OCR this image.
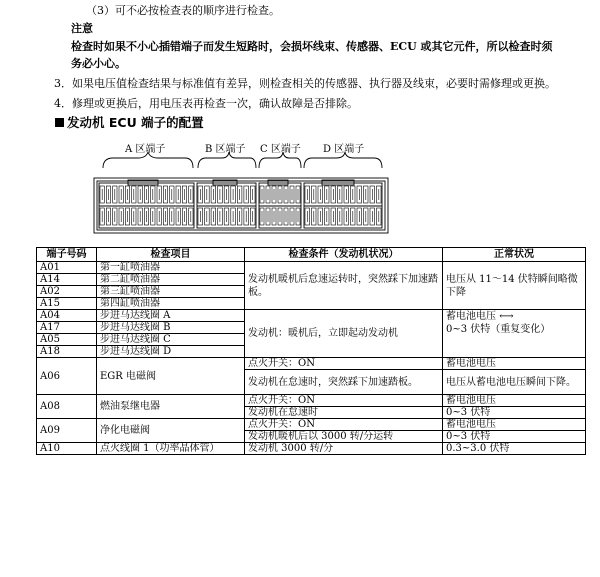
（3）可不必按检查表的顺序进行检查。
注意
检查时如果不小心插错端子而发生短路时，会损坏线束、传感器、ECU 或其它元件，所以检查时须
务必小心。
3．如果电压值检查结果与标准值有差异，则检查相关的传感器、执行器及线束，必要时需修理或更换。
4．修理或更换后，用电压表再检查一次，确认故障是否排除。
发动机 ECU 端子的配置
A 区端子	B 区端子 C 区端子 D 区端子
端子号码	检查项目	检查条件（发动机状况）	正常状况
A01	第一缸喷油器	发动机暖机后怠速运转时，突然踩下加速踏板。	电压从 11～14 伏特瞬间略微下降
A14	第二缸喷油器		
A02	第三缸喷油器		
A15	第四缸喷油器		
A04	步进马达线圈 A	发动机：暖机后，立即起动发动机	蓄电池电压 ⟷
0~3 伏特（重复变化）

A17	步进马达线圈 B		
A05	步进马达线圈 C		
A18	步进马达线圈 D		
A06	EGR 电磁阀	点火开关：ON	蓄电池电压
		发动机在怠速时，突然踩下加速踏板。	电压从蓄电池电压瞬间下降。
A08	燃油泵继电器	点火开关：ON	蓄电池电压
		发动机在怠速时	0~3 伏特
A09	净化电磁阀	点火开关：ON	蓄电池电压
		发动机暖机后以 3000 转/分运转	0~3 伏特
A10	点火线圈 1（功率晶体管）	发动机 3000 转/分	0.3~3.0 伏特
